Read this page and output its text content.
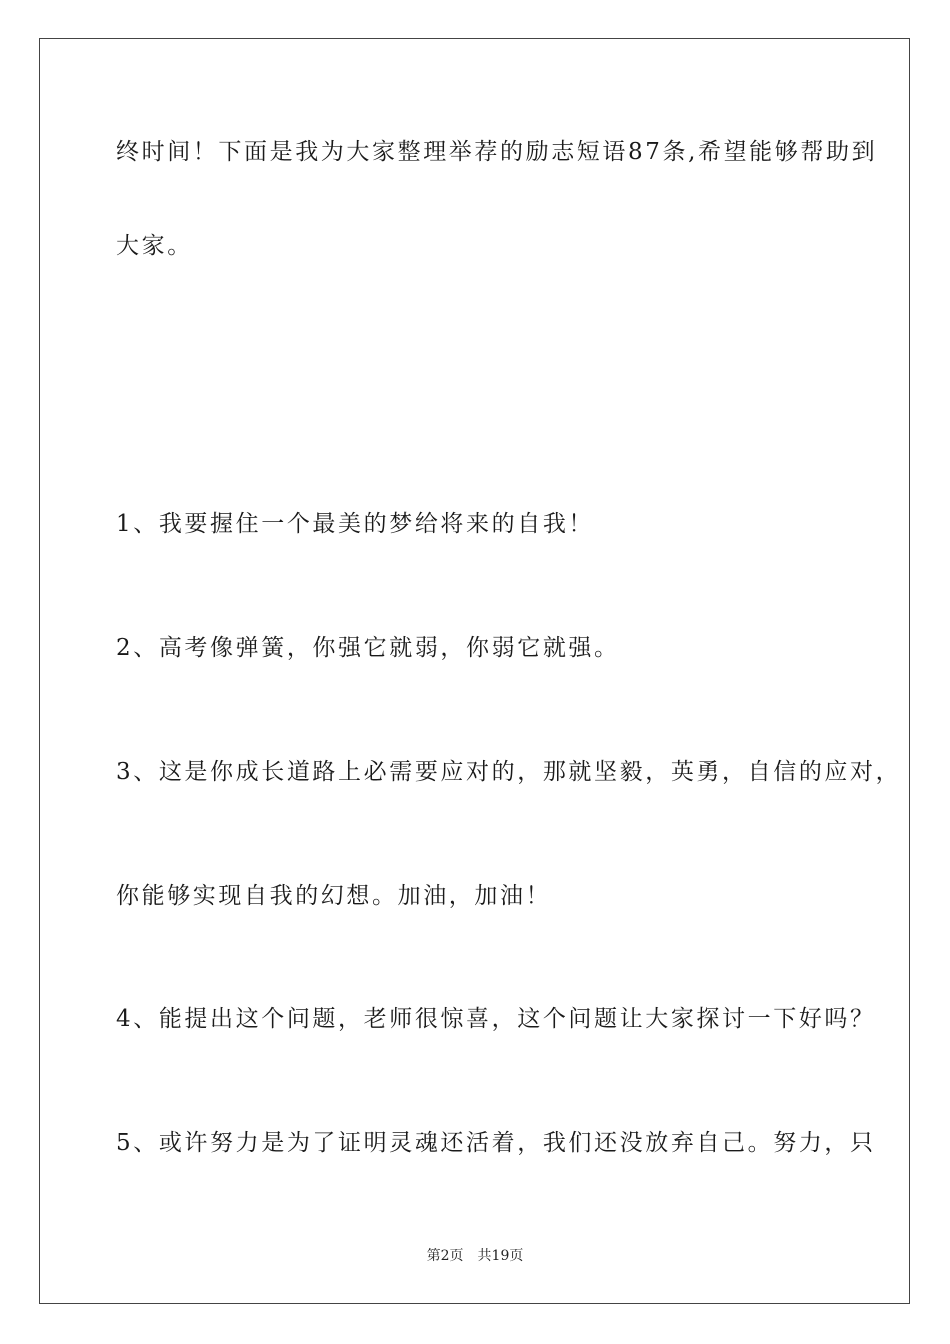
终时间！下面是我为大家整理举荐的励志短语87条,希望能够帮助到
大家。
1、我要握住一个最美的梦给将来的自我！
2、高考像弹簧，你强它就弱，你弱它就强。
3、这是你成长道路上必需要应对的，那就坚毅，英勇，自信的应对，
你能够实现自我的幻想。加油，加油！
4、能提出这个问题，老师很惊喜，这个问题让大家探讨一下好吗？
5、或许努力是为了证明灵魂还活着，我们还没放弃自己。努力，只
第2页 共19页
